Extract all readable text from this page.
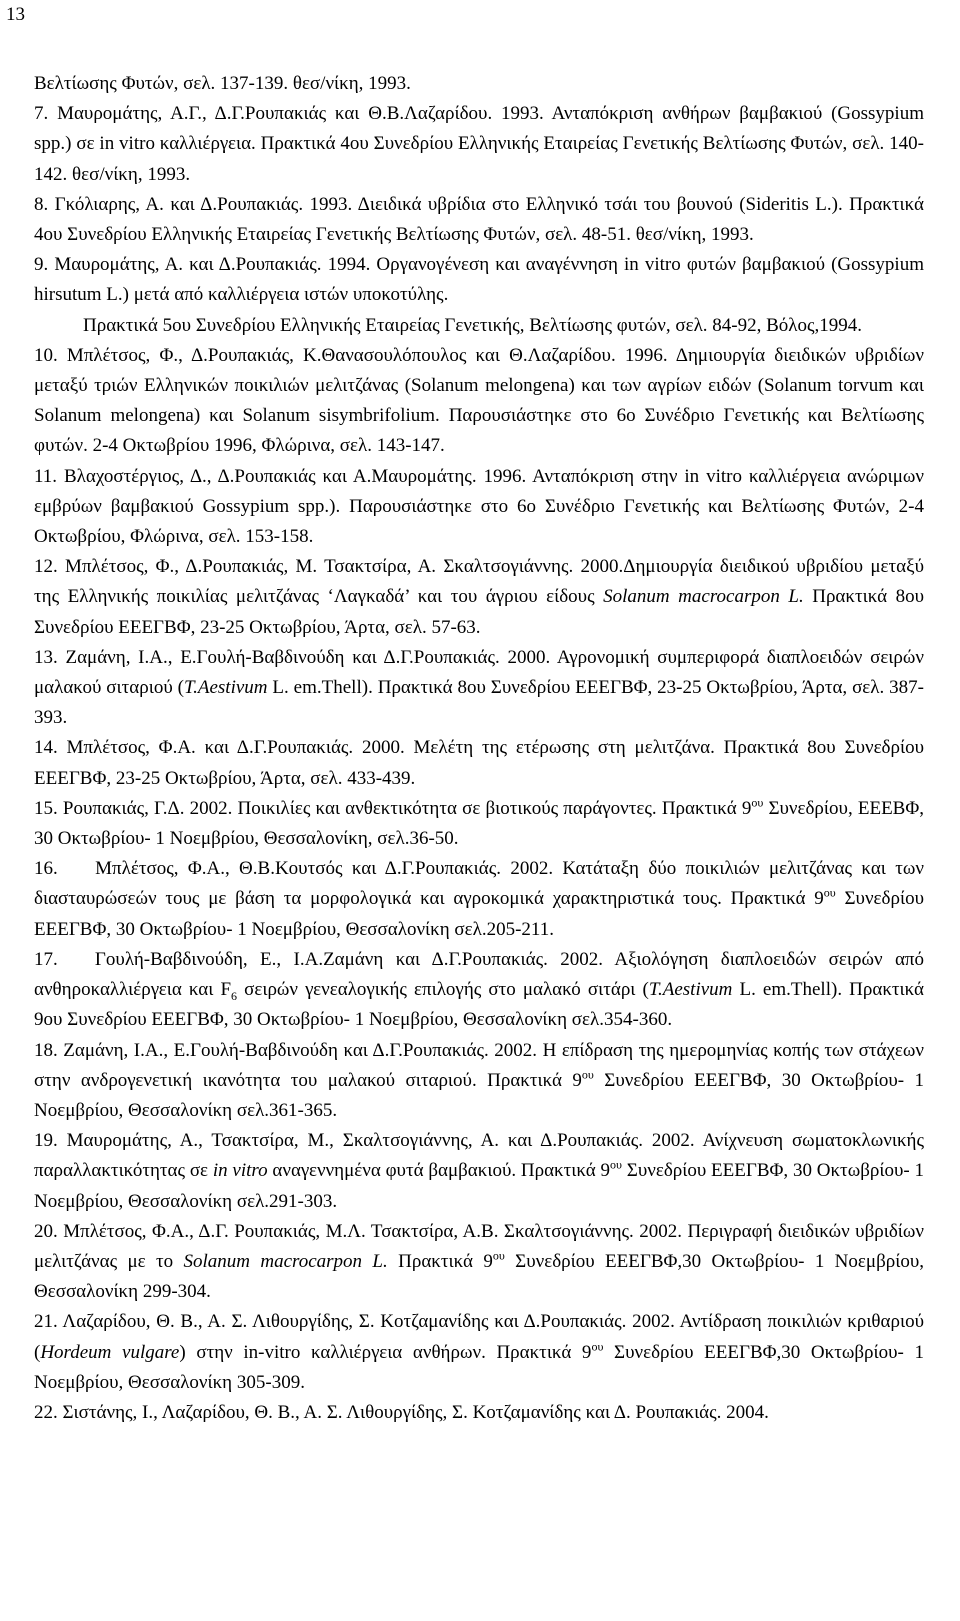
13
Βελτίωσης Φυτών, σελ. 137-139. θεσ/νίκη, 1993.
7. Μαυρομάτης, Α.Γ., Δ.Γ.Ρουπακιάς και Θ.Β.Λαζαρίδου. 1993. Ανταπόκριση ανθήρων βαμβακιού (Gossypium spp.) σε in vitro καλλιέργεια. Πρακτικά 4ου Συνεδρίου Ελληνικής Εταιρείας Γενετικής Βελτίωσης Φυτών, σελ. 140-142. θεσ/νίκη, 1993.
8. Γκόλιαρης, Α. και Δ.Ρουπακιάς. 1993. Διειδικά υβρίδια στο Ελληνικό τσάι του βουνού (Sideritis L.). Πρακτικά 4ου Συνεδρίου Ελληνικής Εταιρείας Γενετικής Βελτίωσης Φυτών, σελ. 48-51. θεσ/νίκη, 1993.
9. Μαυρομάτης, Α. και Δ.Ρουπακιάς. 1994. Οργανογένεση και αναγέννηση in vitro φυτών βαμβακιού (Gossypium hirsutum L.) μετά από καλλιέργεια ιστών υποκοτύλης.
Πρακτικά 5ου Συνεδρίου Ελληνικής Εταιρείας Γενετικής, Βελτίωσης φυτών, σελ. 84-92, Βόλος,1994.
10. Μπλέτσος, Φ., Δ.Ρουπακιάς, Κ.Θανασουλόπουλος και Θ.Λαζαρίδου. 1996. Δημιουργία διειδικών υβριδίων μεταξύ τριών Ελληνικών ποικιλιών μελιτζάνας (Solanum melongena) και των αγρίων ειδών (Solanum torvum και Solanum melongena) και Solanum sisymbrifolium. Παρουσιάστηκε στο 6ο Συνέδριο Γενετικής και Βελτίωσης φυτών. 2-4 Οκτωβρίου 1996, Φλώρινα, σελ. 143-147.
11. Βλαχοστέργιος, Δ., Δ.Ρουπακιάς και Α.Μαυρομάτης. 1996. Ανταπόκριση στην in vitro καλλιέργεια ανώριμων εμβρύων βαμβακιού Gossypium spp.). Παρουσιάστηκε στο 6ο Συνέδριο Γενετικής και Βελτίωσης Φυτών, 2-4 Οκτωβρίου, Φλώρινα, σελ. 153-158.
12. Μπλέτσος, Φ., Δ.Ρουπακιάς, Μ. Τσακτσίρα, Α. Σκαλτσογιάννης. 2000.Δημιουργία διειδικού υβριδίου μεταξύ της Ελληνικής ποικιλίας μελιτζάνας ‘Λαγκαδά’ και του άγριου είδους Solanum macrocarpon L. Πρακτικά 8ου Συνεδρίου ΕΕΕΓΒΦ, 23-25 Οκτωβρίου, Άρτα, σελ. 57-63.
13. Ζαμάνη, Ι.Α., Ε.Γουλή-Βαβδινούδη και Δ.Γ.Ρουπακιάς. 2000. Αγρονομική συμπεριφορά διαπλοειδών σειρών μαλακού σιταριού (T.Aestivum L. em.Thell). Πρακτικά 8ου Συνεδρίου ΕΕΕΓΒΦ, 23-25 Οκτωβρίου, Άρτα, σελ. 387-393.
14. Μπλέτσος, Φ.Α. και Δ.Γ.Ρουπακιάς. 2000. Μελέτη της ετέρωσης στη μελιτζάνα. Πρακτικά 8ου Συνεδρίου ΕΕΕΓΒΦ, 23-25 Οκτωβρίου, Άρτα, σελ. 433-439.
15. Ρουπακιάς, Γ.Δ. 2002. Ποικιλίες και ανθεκτικότητα σε βιοτικούς παράγοντες. Πρακτικά $9^{o\upsilon}$ Συνεδρίου, ΕΕΕΒΦ, 30 Οκτωβρίου- 1 Νοεμβρίου, Θεσσαλονίκη, σελ.36-50.
16.    Μπλέτσος, Φ.Α., Θ.Β.Κουτσός και Δ.Γ.Ρουπακιάς. 2002. Κατάταξη δύο ποικιλιών μελιτζάνας και των διασταυρώσεών τους με βάση τα μορφολογικά και αγροκομικά χαρακτηριστικά τους. Πρακτικά $9^{o\upsilon}$ Συνεδρίου ΕΕΕΓΒΦ, 30 Οκτωβρίου- 1 Νοεμβρίου, Θεσσαλονίκη σελ.205-211.
17.   Γουλή-Βαβδινούδη, Ε., Ι.Α.Ζαμάνη και Δ.Γ.Ρουπακιάς. 2002. Αξιολόγηση διαπλοειδών σειρών από ανθηροκαλλιέργεια και $F_6$ σειρών γενεαλογικής επιλογής στο μαλακό σιτάρι (T.Aestivum L. em.Thell). Πρακτικά 9ου Συνεδρίου ΕΕΕΓΒΦ, 30 Οκτωβρίου- 1 Νοεμβρίου, Θεσσαλονίκη σελ.354-360.
18. Ζαμάνη, Ι.Α., Ε.Γουλή-Βαβδινούδη και Δ.Γ.Ρουπακιάς. 2002. Η επίδραση της ημερομηνίας κοπής των στάχεων στην ανδρογενετική ικανότητα του μαλακού σιταριού. Πρακτικά $9^{o\upsilon}$ Συνεδρίου ΕΕΕΓΒΦ, 30 Οκτωβρίου- 1 Νοεμβρίου, Θεσσαλονίκη σελ.361-365.
19. Μαυρομάτης, Α., Τσακτσίρα, Μ., Σκαλτσογιάννης, Α. και Δ.Ρουπακιάς. 2002. Ανίχνευση σωματοκλωνικής παραλλακτικότητας σε in vitro αναγεννημένα φυτά βαμβακιού. Πρακτικά $9^{o\upsilon}$ Συνεδρίου ΕΕΕΓΒΦ, 30 Οκτωβρίου- 1 Νοεμβρίου, Θεσσαλονίκη σελ.291-303.
20. Μπλέτσος, Φ.Α., Δ.Γ. Ρουπακιάς, Μ.Λ. Τσακτσίρα, Α.Β. Σκαλτσογιάννης. 2002. Περιγραφή διειδικών υβριδίων μελιτζάνας με το Solanum macrocarpon L. Πρακτικά $9^{o\upsilon}$ Συνεδρίου ΕΕΕΓΒΦ,30 Οκτωβρίου- 1 Νοεμβρίου, Θεσσαλονίκη 299-304.
21. Λαζαρίδου, Θ. Β., Α. Σ. Λιθουργίδης, Σ. Κοτζαμανίδης και Δ.Ρουπακιάς. 2002. Αντίδραση ποικιλιών κριθαριού (Hordeum vulgare) στην in-vitro καλλιέργεια ανθήρων. Πρακτικά $9^{o\upsilon}$ Συνεδρίου ΕΕΕΓΒΦ,30 Οκτωβρίου- 1 Νοεμβρίου, Θεσσαλονίκη 305-309.
22. Σιστάνης, Ι., Λαζαρίδου, Θ. Β., Α. Σ. Λιθουργίδης, Σ. Κοτζαμανίδης και Δ. Ρουπακιάς. 2004.
